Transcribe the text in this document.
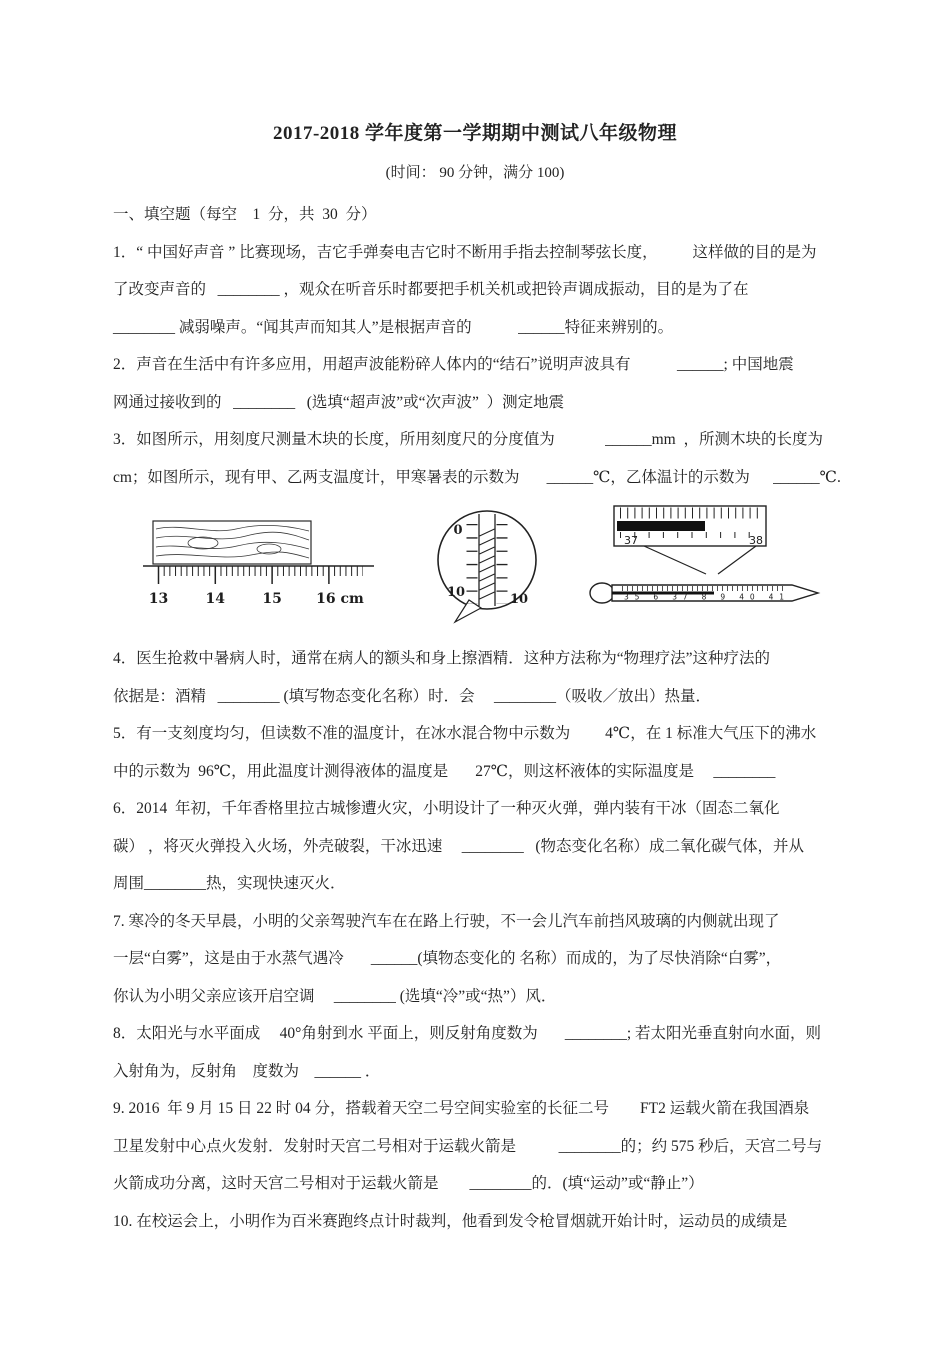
2017-2018 学年度第一学期期中测试八年级物理
(时间： 90 分钟，满分 100)
一、填空题（每空    1  分，共  30  分）
1．“ 中国好声音 ” 比赛现场，吉它手弹奏电吉它时不断用手指去控制琴弦长度，         这样做的目的是为
了改变声音的   ________ ，观众在听音乐时都要把手机关机或把铃声调成振动，目的是为了在
________ 减弱噪声。“闻其声而知其人”是根据声音的            ______特征来辨别的。
2．声音在生活中有许多应用，用超声波能粉碎人体内的“结石”说明声波具有            ______; 中国地震
网通过接收到的   ________   (选填“超声波”或“次声波”  ）测定地震
3．如图所示，用刻度尺测量木块的长度，所用刻度尺的分度值为             ______mm  ，所测木块的长度为
cm；如图所示，现有甲、乙两支温度计，甲寒暑表的示数为       ______℃，乙体温计的示数为      ______℃.
13	14	15 16 cm
0
10	10
37	38
35 6 37 8 9 40 41
4．医生抢救中暑病人时，通常在病人的额头和身上擦酒精．这种方法称为“物理疗法”这种疗法的
依据是：酒精   ________ (填写物态变化名称）时．会     ________（吸收／放出）热量．
5．有一支刻度均匀，但读数不准的温度计，在冰水混合物中示数为         4℃，在 1 标准大气压下的沸水
中的示数为  96℃，用此温度计测得液体的温度是       27℃，则这杯液体的实际温度是     ________
6．2014  年初，千年香格里拉古城惨遭火灾，小明设计了一种灭火弹，弹内装有干冰（固态二氧化
碳） ，将灭火弹投入火场，外壳破裂，干冰迅速     ________   (物态变化名称）成二氧化碳气体，并从
周围________热，实现快速灭火．
7. 寒冷的冬天早晨，小明的父亲驾驶汽车在在路上行驶，不一会儿汽车前挡风玻璃的内侧就出现了
一层“白雾”，这是由于水蒸气遇冷       ______(填物态变化的 名称）而成的，为了尽快消除“白雾”，
你认为小明父亲应该开启空调     ________ (选填“冷”或“热”）风．
8．太阳光与水平面成     40°角射到水 平面上，则反射角度数为       ________; 若太阳光垂直射向水面，则
入射角为，反射角    度数为    ______ ．
9. 2016  年 9 月 15 日 22 时 04 分，搭载着天空二号空间实验室的长征二号        FT2 运载火箭在我国酒泉
卫星发射中心点火发射．发射时天宫二号相对于运载火箭是           ________的；约 575 秒后，天宫二号与
火箭成功分离，这时天宫二号相对于运载火箭是        ________的．(填“运动”或“静止”）
10. 在校运会上，小明作为百米赛跑终点计时裁判，他看到发令枪冒烟就开始计时，运动员的成绩是
